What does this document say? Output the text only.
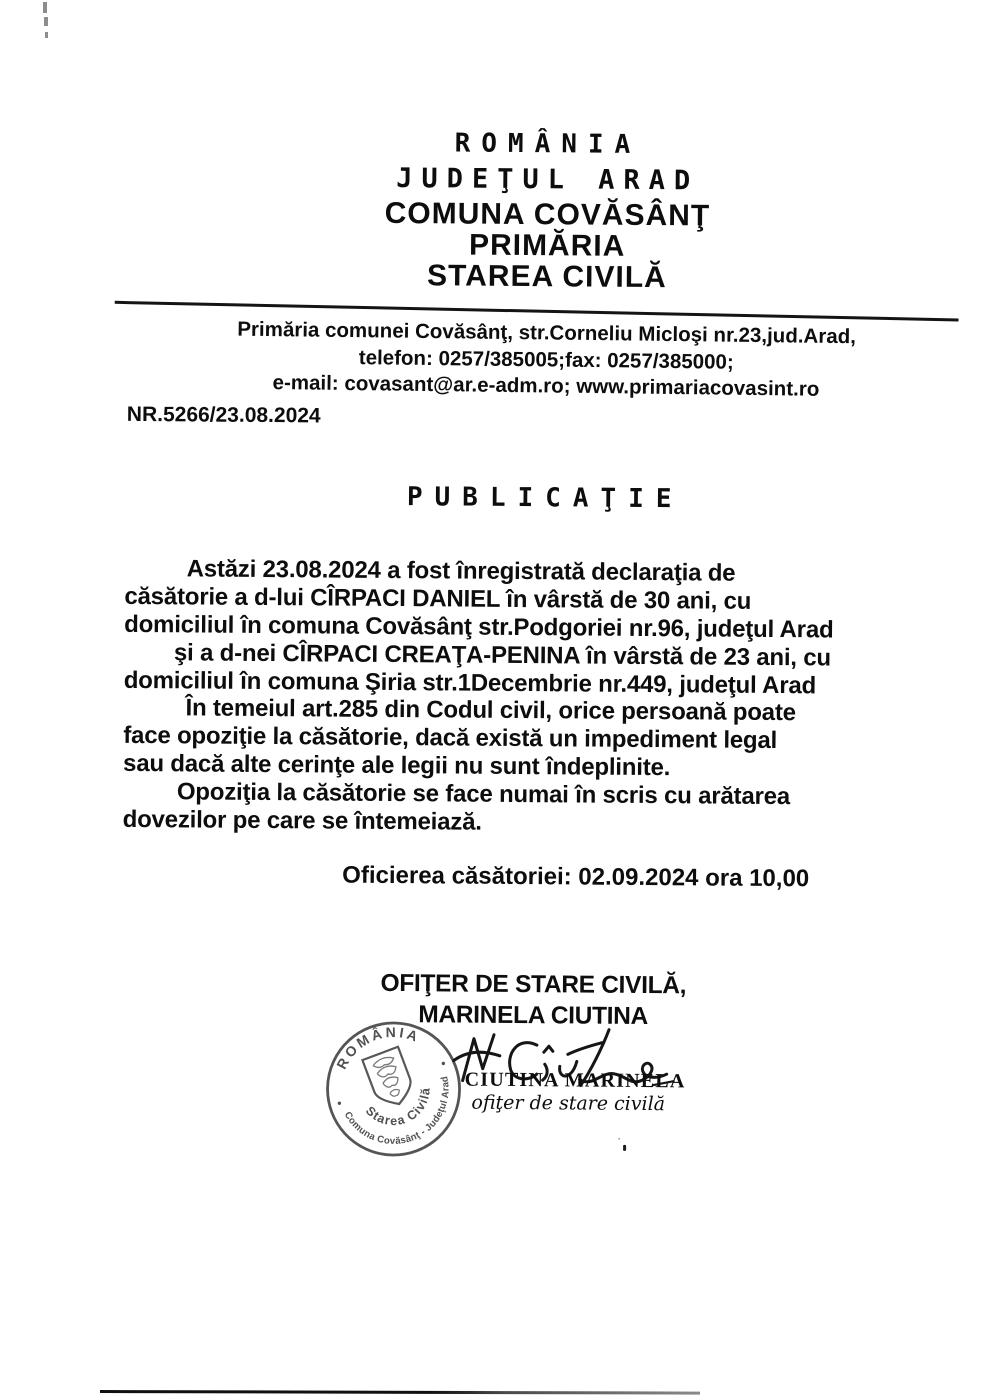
ROMÂNIA
JUDEŢUL ARAD
COMUNA COVĂSÂNŢ
PRIMĂRIA
STAREA CIVILĂ
Primăria comunei Covăsânţ, str.Corneliu Micloşi nr.23,jud.Arad,
telefon: 0257/385005;fax: 0257/385000;
e-mail: covasant@ar.e-adm.ro; www.primariacovasint.ro
NR.5266/23.08.2024
PUBLICAŢIE
Astăzi 23.08.2024 a fost înregistrată declaraţia de
căsătorie a d-lui CÎRPACI DANIEL în vârstă de 30 ani, cu
domiciliul în comuna Covăsânţ str.Podgoriei nr.96, judeţul Arad
şi a d-nei CÎRPACI CREAŢA-PENINA în vârstă de 23 ani, cu
domiciliul în comuna Şiria str.1Decembrie nr.449, judeţul Arad
În temeiul art.285 din Codul civil, orice persoană poate
face opoziţie la căsătorie, dacă există un impediment legal
sau dacă alte cerinţe ale legii nu sunt îndeplinite.
Opoziţia la căsătorie se face numai în scris cu arătarea
dovezilor pe care se întemeiază.
Oficierea căsătoriei: 02.09.2024 ora 10,00
OFIŢER DE STARE CIVILĂ,
MARINELA CIUTINA
ROMÂNIA
•
•
Comuna Covăsânţ - Judeţul Arad
Starea Civilă	CIUTINA MARINELA
ofiţer de stare civilă
